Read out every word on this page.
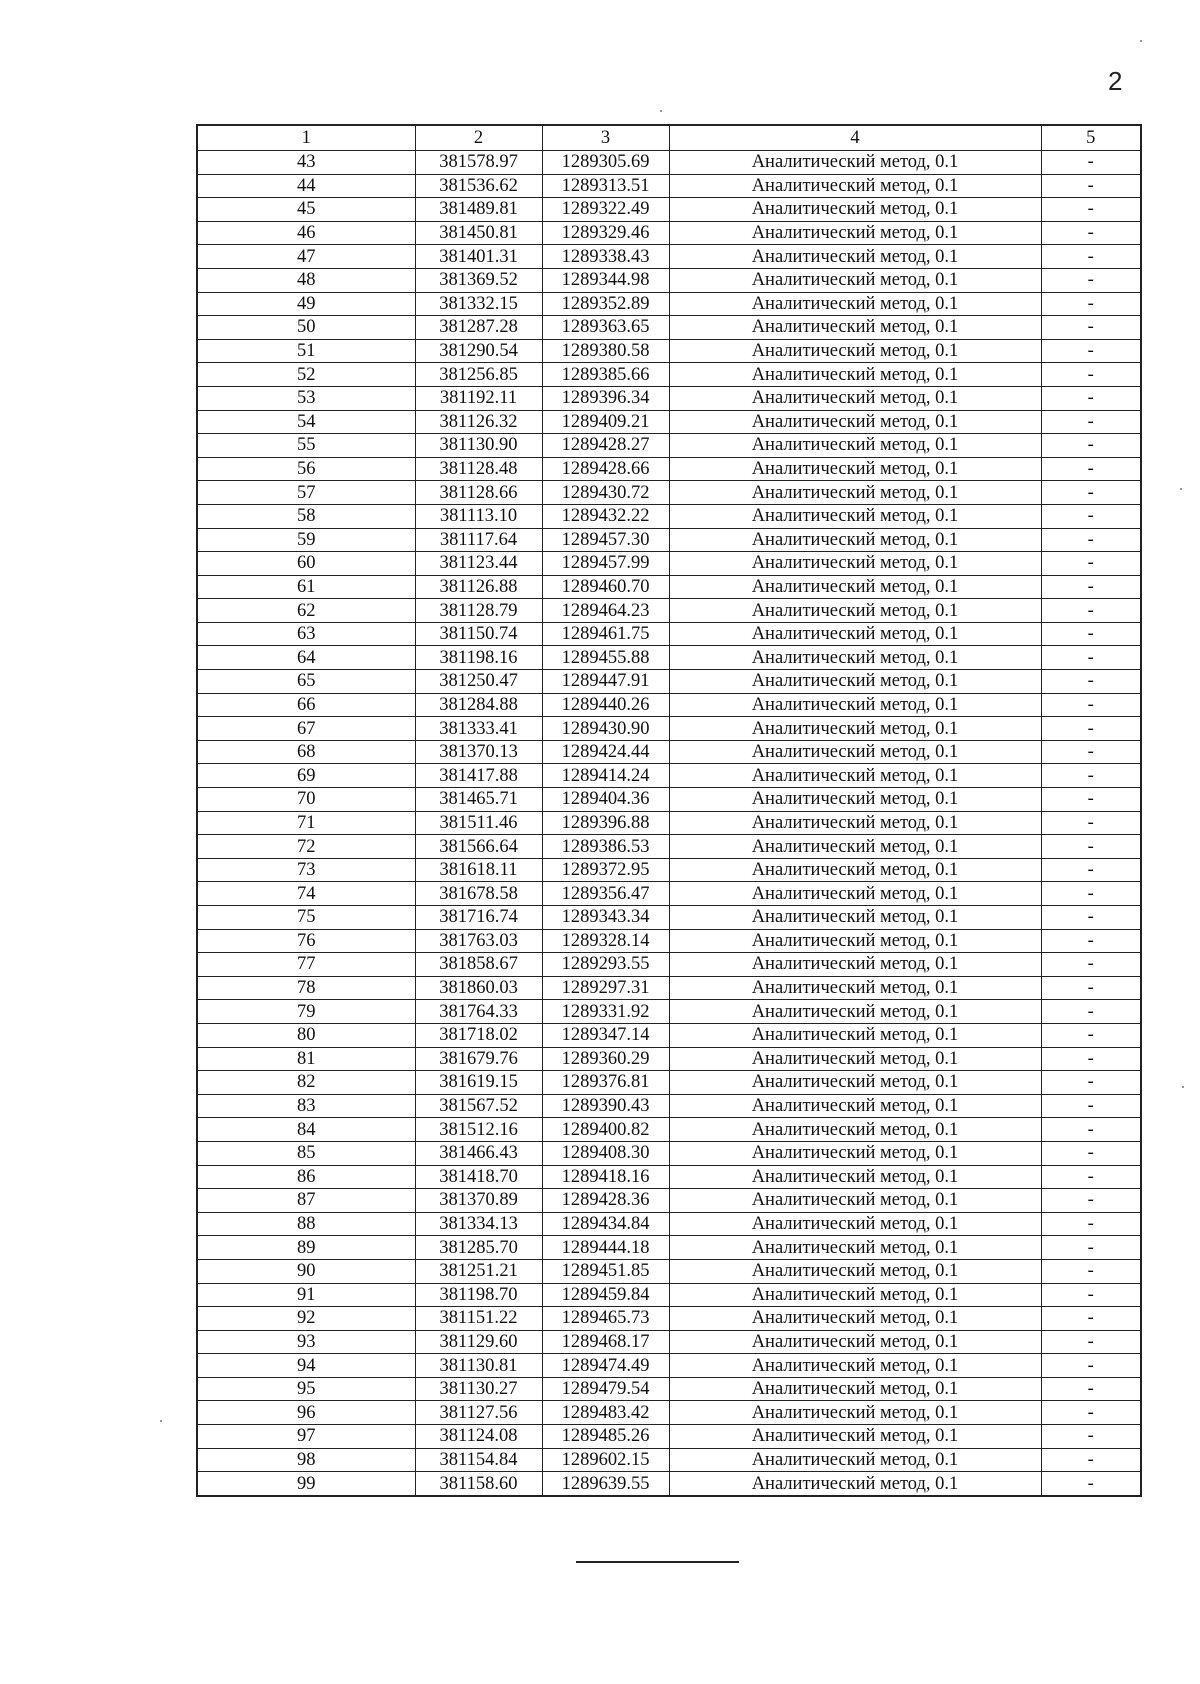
2
1	2	3	4	5
43	381578.97	1289305.69	Аналитический метод, 0.1	-
44	381536.62	1289313.51	Аналитический метод, 0.1	-
45	381489.81	1289322.49	Аналитический метод, 0.1	-
46	381450.81	1289329.46	Аналитический метод, 0.1	-
47	381401.31	1289338.43	Аналитический метод, 0.1	-
48	381369.52	1289344.98	Аналитический метод, 0.1	-
49	381332.15	1289352.89	Аналитический метод, 0.1	-
50	381287.28	1289363.65	Аналитический метод, 0.1	-
51	381290.54	1289380.58	Аналитический метод, 0.1	-
52	381256.85	1289385.66	Аналитический метод, 0.1	-
53	381192.11	1289396.34	Аналитический метод, 0.1	-
54	381126.32	1289409.21	Аналитический метод, 0.1	-
55	381130.90	1289428.27	Аналитический метод, 0.1	-
56	381128.48	1289428.66	Аналитический метод, 0.1	-
57	381128.66	1289430.72	Аналитический метод, 0.1	-
58	381113.10	1289432.22	Аналитический метод, 0.1	-
59	381117.64	1289457.30	Аналитический метод, 0.1	-
60	381123.44	1289457.99	Аналитический метод, 0.1	-
61	381126.88	1289460.70	Аналитический метод, 0.1	-
62	381128.79	1289464.23	Аналитический метод, 0.1	-
63	381150.74	1289461.75	Аналитический метод, 0.1	-
64	381198.16	1289455.88	Аналитический метод, 0.1	-
65	381250.47	1289447.91	Аналитический метод, 0.1	-
66	381284.88	1289440.26	Аналитический метод, 0.1	-
67	381333.41	1289430.90	Аналитический метод, 0.1	-
68	381370.13	1289424.44	Аналитический метод, 0.1	-
69	381417.88	1289414.24	Аналитический метод, 0.1	-
70	381465.71	1289404.36	Аналитический метод, 0.1	-
71	381511.46	1289396.88	Аналитический метод, 0.1	-
72	381566.64	1289386.53	Аналитический метод, 0.1	-
73	381618.11	1289372.95	Аналитический метод, 0.1	-
74	381678.58	1289356.47	Аналитический метод, 0.1	-
75	381716.74	1289343.34	Аналитический метод, 0.1	-
76	381763.03	1289328.14	Аналитический метод, 0.1	-
77	381858.67	1289293.55	Аналитический метод, 0.1	-
78	381860.03	1289297.31	Аналитический метод, 0.1	-
79	381764.33	1289331.92	Аналитический метод, 0.1	-
80	381718.02	1289347.14	Аналитический метод, 0.1	-
81	381679.76	1289360.29	Аналитический метод, 0.1	-
82	381619.15	1289376.81	Аналитический метод, 0.1	-
83	381567.52	1289390.43	Аналитический метод, 0.1	-
84	381512.16	1289400.82	Аналитический метод, 0.1	-
85	381466.43	1289408.30	Аналитический метод, 0.1	-
86	381418.70	1289418.16	Аналитический метод, 0.1	-
87	381370.89	1289428.36	Аналитический метод, 0.1	-
88	381334.13	1289434.84	Аналитический метод, 0.1	-
89	381285.70	1289444.18	Аналитический метод, 0.1	-
90	381251.21	1289451.85	Аналитический метод, 0.1	-
91	381198.70	1289459.84	Аналитический метод, 0.1	-
92	381151.22	1289465.73	Аналитический метод, 0.1	-
93	381129.60	1289468.17	Аналитический метод, 0.1	-
94	381130.81	1289474.49	Аналитический метод, 0.1	-
95	381130.27	1289479.54	Аналитический метод, 0.1	-
96	381127.56	1289483.42	Аналитический метод, 0.1	-
97	381124.08	1289485.26	Аналитический метод, 0.1	-
98	381154.84	1289602.15	Аналитический метод, 0.1	-
99	381158.60	1289639.55	Аналитический метод, 0.1	-
